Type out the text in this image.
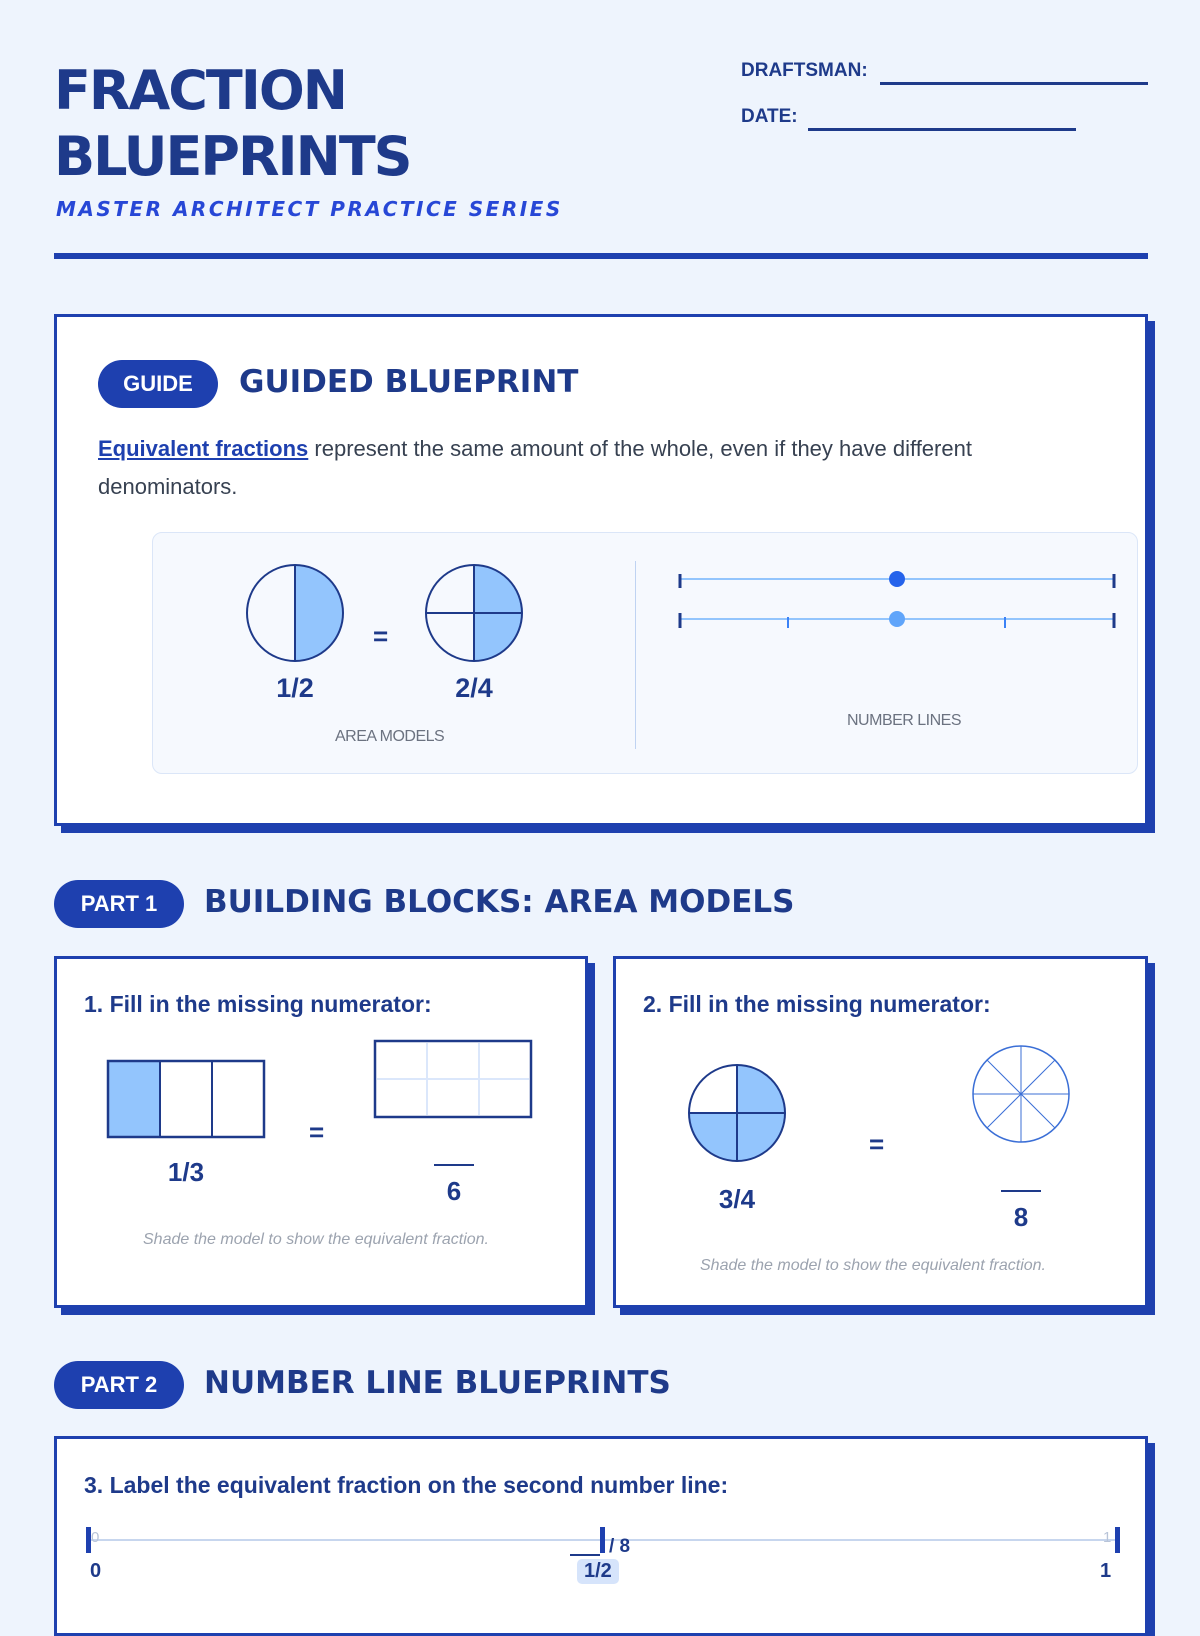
FRACTION
BLUEPRINTS
MASTER ARCHITECT PRACTICE SERIES
DRAFTSMAN:
DATE:
GUIDE	GUIDED BLUEPRINT
Equivalent fractions represent the same amount of the whole, even if they have different denominators.
=
1/2	2/4
AREA MODELS
NUMBER LINES
PART 1	BUILDING BLOCKS: AREA MODELS
1. Fill in the missing numerator:
1/3
=
6
Shade the model to show the equivalent fraction.
2. Fill in the missing numerator:
3/4
=
8
Shade the model to show the equivalent fraction.
PART 2	NUMBER LINE BLUEPRINTS
3. Label the equivalent fraction on the second number line:
0	1
/ 8
0	1/2	1
